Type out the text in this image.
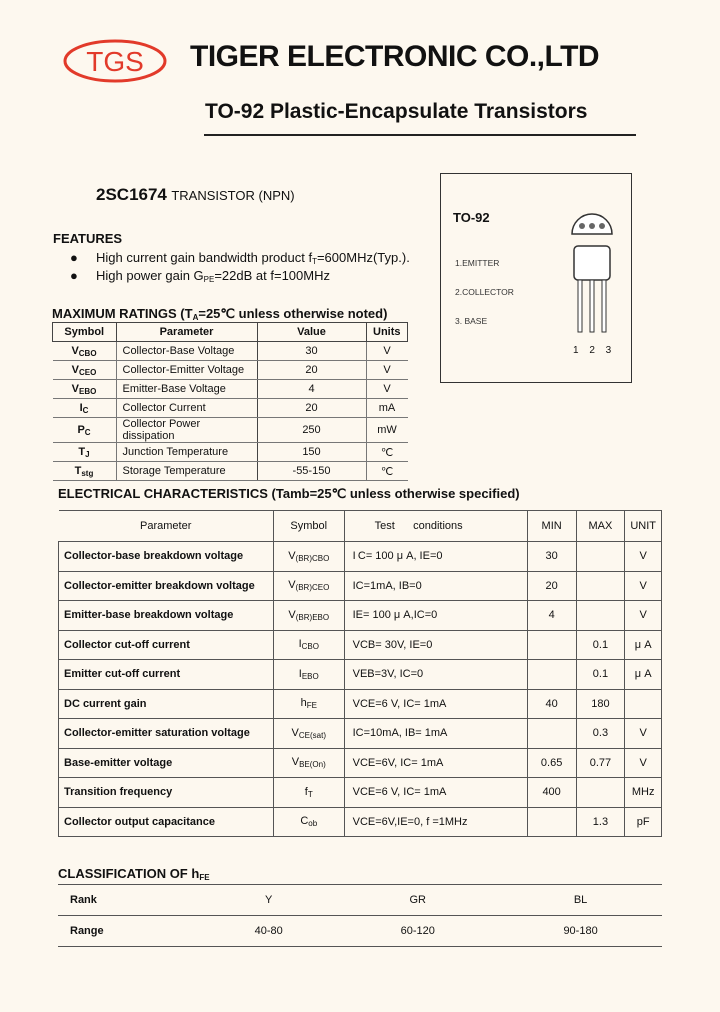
TGS TIGER ELECTRONIC CO.,LTD
TO-92 Plastic-Encapsulate Transistors
2SC1674 TRANSISTOR (NPN)
TO-92
1.EMITTER
2.COLLECTOR
3. BASE
1 2 3
FEATURES
● High current gain bandwidth product $f_T=600MHz(Typ.)$.
● High power gain $G_{PE}=22dB$ at f=100MHz
MAXIMUM RATINGS ($T_A=25℃$ unless otherwise noted)
Symbol	Parameter	Value	Units
$V_{CBO}$	Collector-Base Voltage	30	V
$V_{CEO}$	Collector-Emitter Voltage	20	V
$V_{EBO}$	Emitter-Base Voltage	4	V
$I_C$	Collector Current	20	mA
$P_C$	Collector Power dissipation	250	mW
$T_J$	Junction Temperature	150	℃
$T_{stg}$	Storage Temperature	-55-150	℃
ELECTRICAL CHARACTERISTICS (Tamb=25℃ unless otherwise specified)
Parameter	Symbol	Test      conditions	MIN	MAX	UNIT
Collector-base breakdown voltage	$V_{(BR)CBO}$	I C= 100 μ A, IE=0	30		V
Collector-emitter breakdown voltage	$V_{(BR)CEO}$	IC=1mA, IB=0	20		V
Emitter-base breakdown voltage	$V_{(BR)EBO}$	IE= 100 μ A,IC=0	4		V
Collector cut-off current	$I_{CBO}$	VCB= 30V, IE=0		0.1	μ A
Emitter cut-off current	$I_{EBO}$	VEB=3V, IC=0		0.1	μ A
DC current gain	$h_{FE}$	VCE=6 V, IC= 1mA	40	180	
Collector-emitter saturation voltage	$V_{CE(sat)}$	IC=10mA, IB= 1mA		0.3	V
Base-emitter voltage	$V_{BE(On)}$	VCE=6V, IC= 1mA	0.65	0.77	V
Transition frequency	$f_T$	VCE=6 V, IC= 1mA	400		MHz
Collector output capacitance	$C_{ob}$	VCE=6V,IE=0, f =1MHz		1.3	pF
CLASSIFICATION OF $h_{FE}$
Rank	Y	GR	BL
Range	40-80	60-120	90-180
